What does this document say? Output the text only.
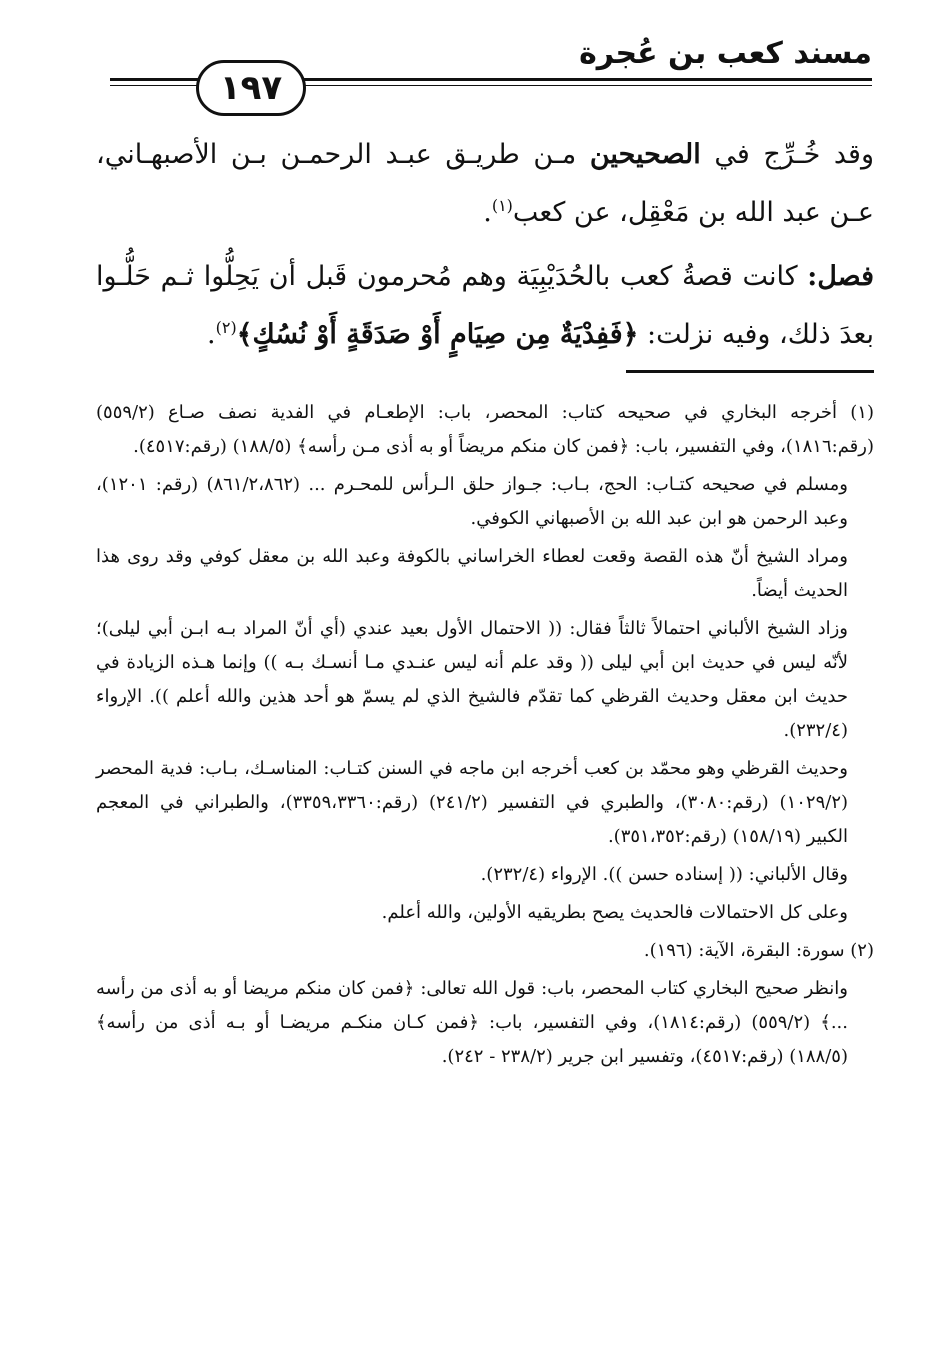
مسند كعب بن عُجرة
١٩٧

وقد خُـرِّج في الصحيحين مـن طريـق عبـد الرحمـن بـن الأصبهـاني، عـن عبد الله بن مَعْقِل، عن كعب$^{(١)}$.

فصل: كانت قصةُ كعب بالحُدَيْبِيَة وهم مُحرمون قَبل أن يَحِلُّوا ثـم حَلُّـوا بعدَ ذلك، وفيه نزلت: ﴿فَفِدْيَةٌ مِن صِيَامٍ أَوْ صَدَقَةٍ أَوْ نُسُكٍ﴾$^{(٢)}$.

(١) أخرجه البخاري في صحيحه كتاب: المحصر، باب: الإطعـام في الفدية نصف صـاع (٥٥٩/٢) (رقم:١٨١٦)، وفي التفسير، باب: ﴿فمن كان منكم مريضاً أو به أذى مـن رأسه﴾ (١٨٨/٥) (رقم:٤٥١٧).

ومسلم في صحيحه كتـاب: الحج، بـاب: جـواز حلق الـرأس للمحـرم ... (٨٦١/٢،٨٦٢) (رقم: ١٢٠١)، وعبد الرحمن هو ابن عبد الله بن الأصبهاني الكوفي.

ومراد الشيخ أنّ هذه القصة وقعت لعطاء الخراساني بالكوفة وعبد الله بن معقل كوفي وقد روى هذا الحديث أيضاً.

وزاد الشيخ الألباني احتمالاً ثالثاً فقال: (( الاحتمال الأول بعيد عندي (أي أنّ المراد بـه ابـن أبي ليلى)؛ لأنّه ليس في حديث ابن أبي ليلى (( وقد علم أنه ليس عنـدي مـا أنسـك بـه )) وإنما هـذه الزيادة في حديث ابن معقل وحديث القرظي كما تقدّم فالشيخ الذي لم يسمّ هو أحد هذين والله أعلم )). الإرواء (٢٣٢/٤).

وحديث القرظي وهو محمّد بن كعب أخرجه ابن ماجه في السنن كتـاب: المناسـك، بـاب: فدية المحصر (١٠٢٩/٢) (رقم:٣٠٨٠)، والطبري في التفسير (٢٤١/٢) (رقم:٣٣٥٩،٣٣٦٠)، والطبراني في المعجم الكبير (١٥٨/١٩) (رقم:٣٥١،٣٥٢).

وقال الألباني: (( إسناده حسن )). الإرواء (٢٣٢/٤).

وعلى كل الاحتمالات فالحديث يصح بطريقيه الأولين، والله أعلم.

(٢) سورة: البقرة، الآية: (١٩٦).

وانظر صحيح البخاري كتاب المحصر، باب: قول الله تعالى: ﴿فمن كان منكم مريضا أو به أذى من رأسه ...﴾ (٥٥٩/٢) (رقم:١٨١٤)، وفي التفسير، باب: ﴿فمن كـان منكـم مريضـا أو بـه أذى من رأسه﴾ (١٨٨/٥) (رقم:٤٥١٧)، وتفسير ابن جرير (٢٣٨/٢ - ٢٤٢).
